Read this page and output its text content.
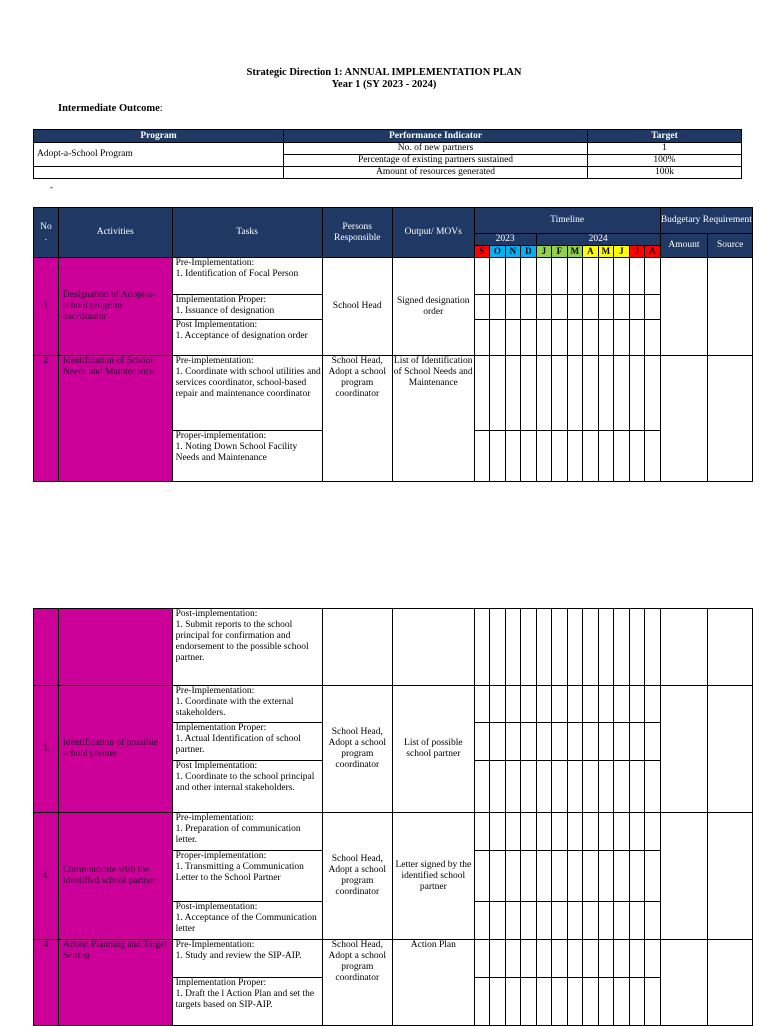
Strategic Direction 1: ANNUAL IMPLEMENTATION PLAN
Year 1 (SY 2023 - 2024)
Intermediate Outcome:
Program	Performance Indicator	Target
Adopt-a-School Program	No. of new partners	1
	Percentage of existing partners sustained	100%
	Amount of resources generated	100k
-
No
.	Activities	Tasks	Persons Responsible	Output/ MOVs	Timeline												Budgetary Requirement	
					2023				2024								Amount	Source
					S	O	N	D	J	F	M	A	M	J	J	A		
1	Designation of Adopt-a-school program coordinator	Pre-Implementation:
1. Identification of Focal Person	School Head	Signed designation order														
		Implementation Proper:
1. Issuance of designation																
		Post Implementation:
1. Acceptance of designation order																
2	Identification of School Needs and Maintenance	Pre-implementation:
1. Coordinate with school utilities and services coordinator, school-based repair and maintenance coordinator	School Head, Adopt a school program coordinator	List of Identification of School Needs and Maintenance														
		Proper-implementation:
1. Noting Down School Facility Needs and Maintenance																
		Post-implementation:
1. Submit reports to the school principal for confirmation and endorsement to the possible school partner.																
3.	Identification of possible school partner	Pre-Implementation:
1. Coordinate with the external stakeholders.	School Head, Adopt a school program coordinator	List of possible school partner														
		Implementation Proper:
1. Actual Identification of school partner.																
		Post Implementation:
1. Coordinate to the school principal and other internal stakeholders.																
4.	Communicate with the identified school partner	Pre-implementation:
1. Preparation of communication letter.	School Head, Adopt a school program coordinator	Letter signed by the identified school partner														
		Proper-implementation:
1. Transmitting a Communication Letter to the School Partner																
		Post-implementation:
1. Acceptance of the Communication letter																
4	Action Planning and Target Setting	Pre-Implementation:
1. Study and review the SIP-AIP.	School Head, Adopt a school program coordinator	Action Plan														
		Implementation Proper:
1. Draft the l Action Plan and set the targets based on SIP-AIP.																
